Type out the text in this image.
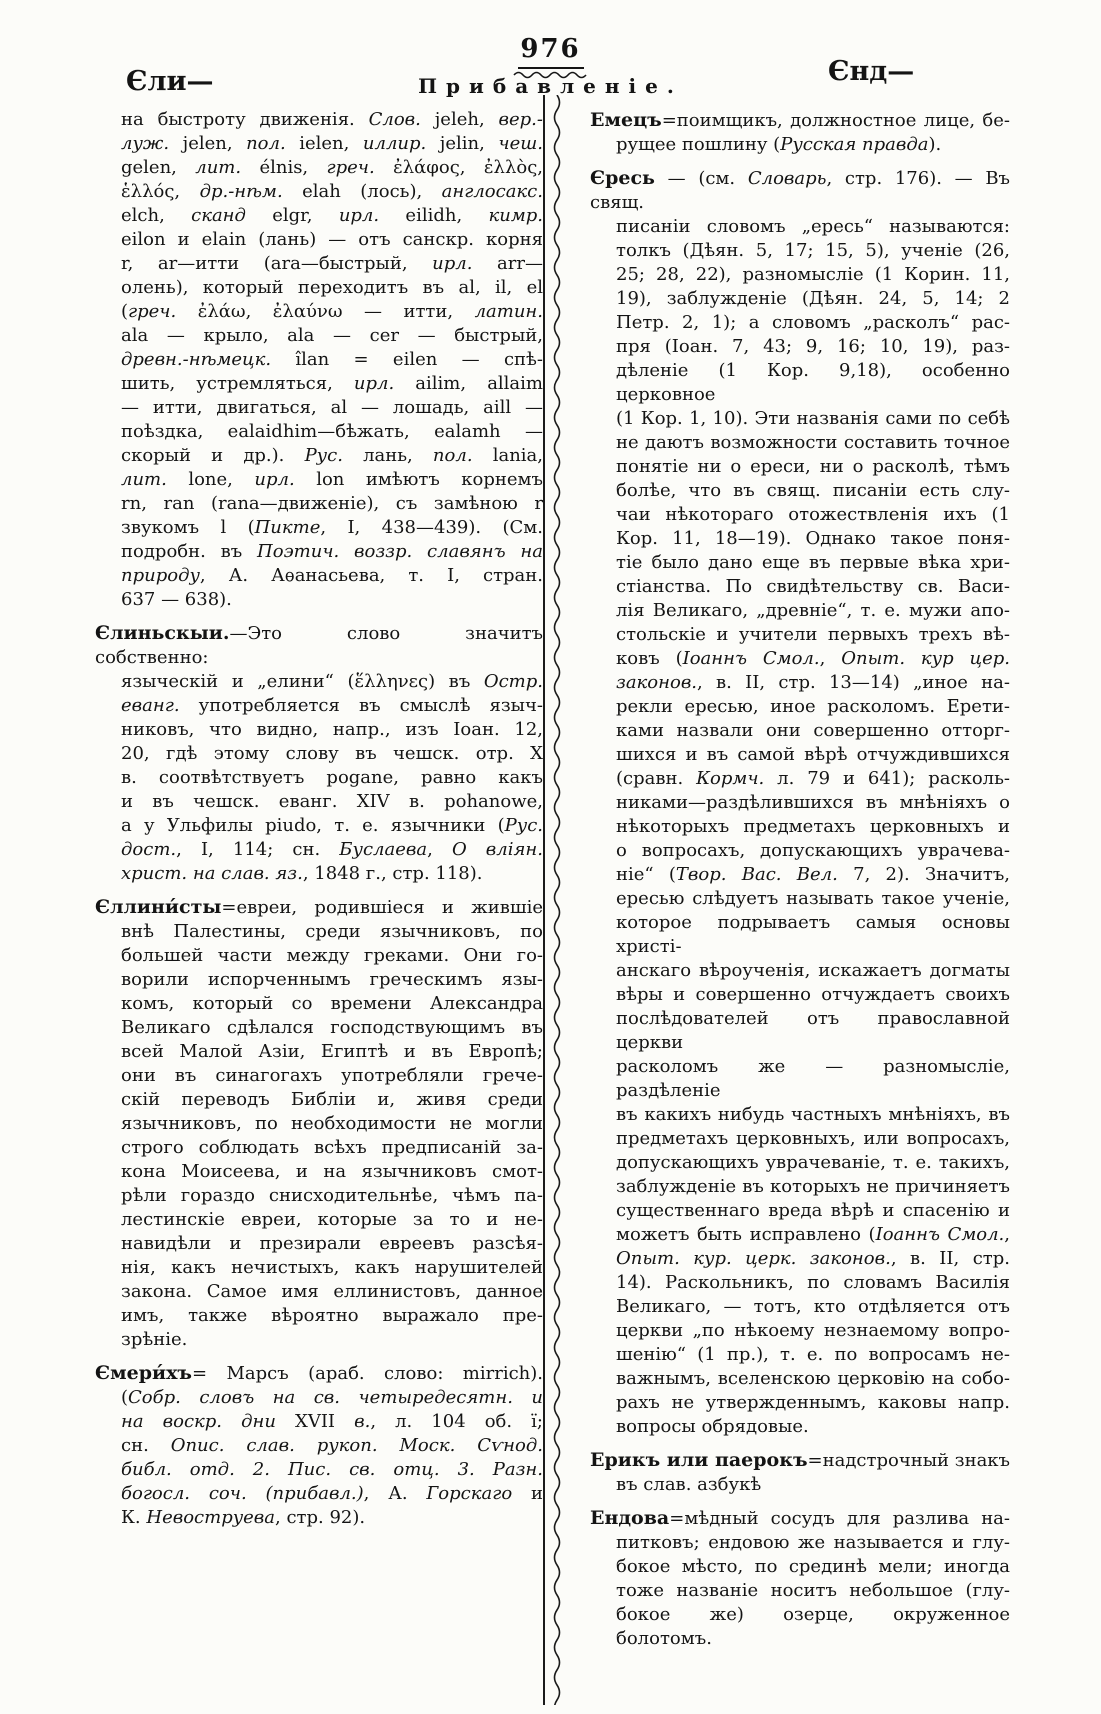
976
Єли—	Прибавленіе.	Єнд—
на быстроту движенія. Слов. jeleh, вер.-
луж. jelen, пол. ielen, иллир. jelin, чеш.
gelen, лит. élnis, греч. ἐλάφος, ἐλλὸς,
ἑλλός, др.-нѣм. elah (лось), англосакс.
elch, сканд elgr, ирл. eilidh, кимр.
eilon и elain (лань) — отъ санскр. корня
r, ar—итти (ara—быстрый, ирл. arr—
олень), который переходитъ въ al, il, el
(греч. ἐλάω, ἐλαύνω — итти, латин.
ala — крыло, ala — cer — быстрый,
древн.-нѣмецк. îlan = eilen — спѣ-
шить, устремляться, ирл. ailim, allaim
— итти, двигаться, al — лошадь, aill —
поѣздка, ealaidhim—бѣжать, ealamh —
скорый и др.). Рус. лань, пол. lania,
лит. lone, ирл. lon имѣютъ корнемъ
rn, ran (rana—движеніе), съ замѣною r
звукомъ l (Пикте, I, 438—439). (См.
подробн. въ Поэтич. воззр. славянъ на
природу, А. Аѳанасьева, т. I, стран.
637 — 638).
Єлиньскыи.—Это слово значитъ собственно:
языческій и „елини“ (ἕλληνες) въ Остр.
еванг. употребляется въ смыслѣ языч-
никовъ, что видно, напр., изъ Іоан. 12,
20, гдѣ этому слову въ чешск. отр. X
в. соотвѣтствуетъ pogane, равно какъ
и въ чешск. еванг. XIV в. pohanowe,
а у Ульфилы piudo, т. е. язычники (Рус.
дост., I, 114; сн. Буслаева, О вліян.
христ. на слав. яз., 1848 г., стр. 118).
Єллини́сты=евреи, родившіеся и жившіе
внѣ Палестины, среди язычниковъ, по
большей части между греками. Они го-
ворили испорченнымъ греческимъ язы-
комъ, который со времени Александра
Великаго сдѣлался господствующимъ въ
всей Малой Азіи, Египтѣ и въ Европѣ;
они въ синагогахъ употребляли грече-
скій переводъ Библіи и, живя среди
язычниковъ, по необходимости не могли
строго соблюдать всѣхъ предписаній за-
кона Моисеева, и на язычниковъ смот-
рѣли гораздо снисходительнѣе, чѣмъ па-
лестинскіе евреи, которые за то и не-
навидѣли и презирали евреевъ разсѣя-
нія, какъ нечистыхъ, какъ нарушителей
закона. Самое имя еллинистовъ, данное
имъ, также вѣроятно выражало пре-
зрѣніе.
Ємери́хъ= Марсъ (араб. слово: mirrich).
(Собр. словъ на св. четыредесятн. и
на воскр. дни XVII в., л. 104 об. ї;
сн. Опис. слав. рукоп. Моск. Сѵнод.
библ. отд. 2. Пис. св. отц. 3. Разн.
богосл. соч. (прибавл.), А. Горскаго и
К. Невоструева, стр. 92).
Емецъ=поимщикъ, должностное лице, бе-
рущее пошлину (Русская правда).
Єресь — (см. Словарь, стр. 176). — Въ свящ.
писаніи словомъ „ересь“ называются:
толкъ (Дѣян. 5, 17; 15, 5), ученіе (26,
25; 28, 22), разномысліе (1 Корин. 11,
19), заблужденіе (Дѣян. 24, 5, 14; 2
Петр. 2, 1); а словомъ „расколъ“ рас-
пря (Іоан. 7, 43; 9, 16; 10, 19), раз-
дѣленіе (1 Кор. 9,18), особенно церковное
(1 Кор. 1, 10). Эти названія сами по себѣ
не даютъ возможности составить точное
понятіе ни о ереси, ни о расколѣ, тѣмъ
болѣе, что въ свящ. писаніи есть слу-
чаи нѣкотораго отожествленія ихъ (1
Кор. 11, 18—19). Однако такое поня-
тіе было дано еще въ первые вѣка хри-
стіанства. По свидѣтельству св. Васи-
лія Великаго, „древніе“, т. е. мужи апо-
стольскіе и учители первыхъ трехъ вѣ-
ковъ (Іоаннъ Смол., Опыт. кур цер.
законов., в. II, стр. 13—14) „иное на-
рекли ересью, иное расколомъ. Ерети-
ками назвали они совершенно отторг-
шихся и въ самой вѣрѣ отчуждившихся
(сравн. Кормч. л. 79 и 641); расколь-
никами—раздѣлившихся въ мнѣніяхъ о
нѣкоторыхъ предметахъ церковныхъ и
о вопросахъ, допускающихъ уврачева-
ніе“ (Твор. Вас. Вел. 7, 2). Значитъ,
ересью слѣдуетъ называть такое ученіе,
которое подрываетъ самыя основы христі-
анскаго вѣроученія, искажаетъ догматы
вѣры и совершенно отчуждаетъ своихъ
послѣдователей отъ православной церкви
расколомъ же — разномысліе, раздѣленіе
въ какихъ нибудь частныхъ мнѣніяхъ, въ
предметахъ церковныхъ, или вопросахъ,
допускающихъ уврачеваніе, т. е. такихъ,
заблужденіе въ которыхъ не причиняетъ
существеннаго вреда вѣрѣ и спасенію и
можетъ быть исправлено (Іоаннъ Смол.,
Опыт. кур. церк. законов., в. II, стр.
14). Раскольникъ, по словамъ Василія
Великаго, — тотъ, кто отдѣляется отъ
церкви „по нѣкоему незнаемому вопро-
шенію“ (1 пр.), т. е. по вопросамъ не-
важнымъ, вселенскою церковію на собо-
рахъ не утвержденнымъ, каковы напр.
вопросы обрядовые.
Ерикъ или паерокъ=надстрочный знакъ
въ слав. азбукѣ
Ендова=мѣдный сосудъ для разлива на-
питковъ; ендовою же называется и глу-
бокое мѣсто, по срединѣ мели; иногда
тоже названіе носитъ небольшое (глу-
бокое же) озерце, окруженное болотомъ.
